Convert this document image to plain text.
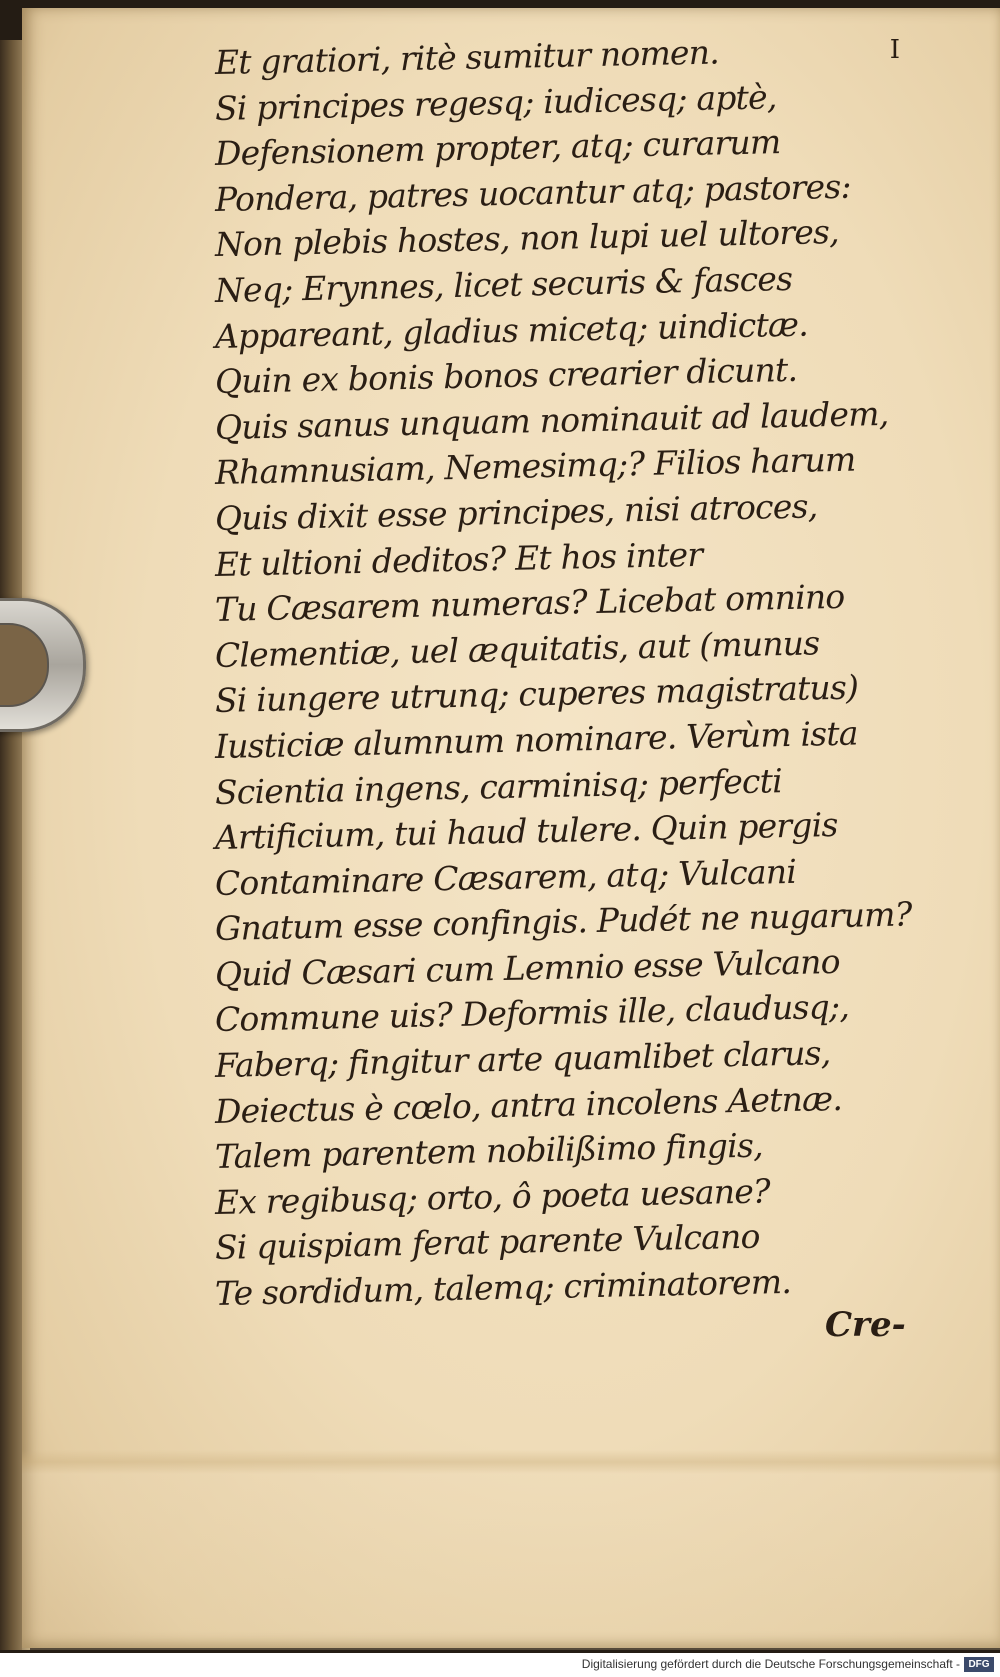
I
Et gratiori, ritè sumitur nomen.
Si principes regesq; iudicesq; aptè,
Defensionem propter, atq; curarum
Pondera, patres uocantur atq; pastores:
Non plebis hostes, non lupi uel ultores,
Neq; Erynnes, licet securis & fasces
Appareant, gladius micetq; uindictæ.
Quin ex bonis bonos crearier dicunt.
Quis sanus unquam nominauit ad laudem,
Rhamnusiam, Nemesimq;? Filios harum
Quis dixit esse principes, nisi atroces,
Et ultioni deditos? Et hos inter
Tu Cæsarem numeras? Licebat omnino
Clementiæ, uel æquitatis, aut (munus
Si iungere utrunq; cuperes magistratus)
Iusticiæ alumnum nominare. Verùm ista
Scientia ingens, carminisq; perfecti
Artificium, tui haud tulere. Quin pergis
Contaminare Cæsarem, atq; Vulcani
Gnatum esse confingis. Pudét ne nugarum?
Quid Cæsari cum Lemnio esse Vulcano
Commune uis? Deformis ille, claudusq;,
Faberq; fingitur arte quamlibet clarus,
Deiectus è cœlo, antra incolens Aetnæ.
Talem parentem nobilißimo fingis,
Ex regibusq; orto, ô poeta uesane?
Si quispiam ferat parente Vulcano
Te sordidum, talemq; criminatorem.
Cre-
Digitalisierung gefördert durch die Deutsche Forschungsgemeinschaft - DFG
